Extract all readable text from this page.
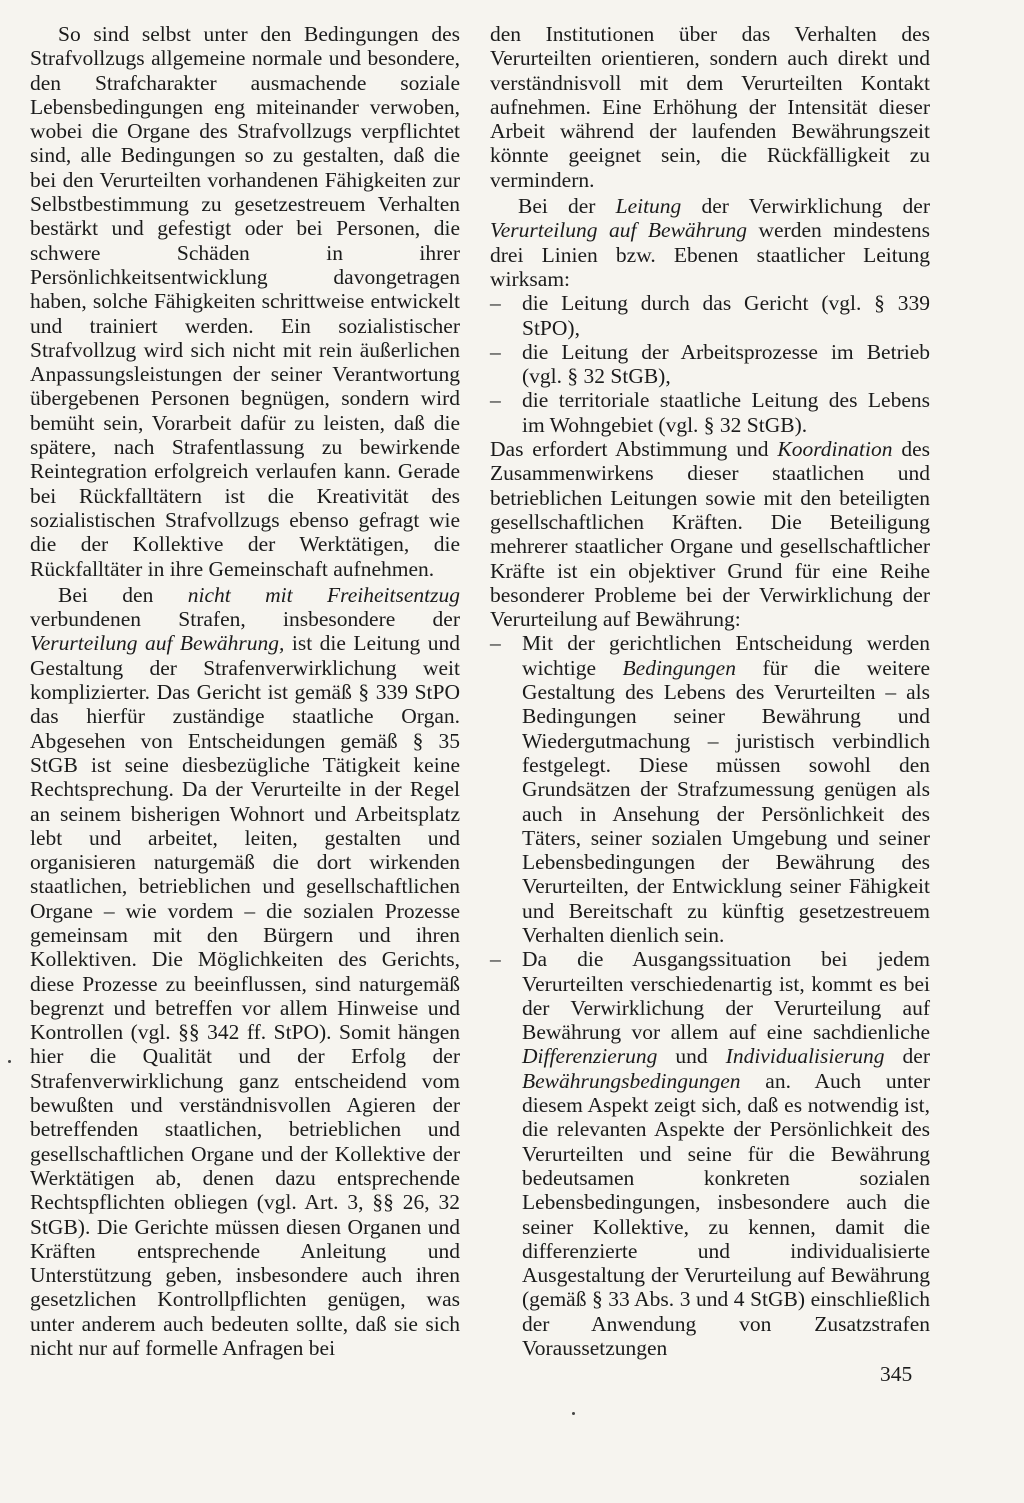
So sind selbst unter den Bedingungen des Strafvollzugs allgemeine normale und besondere, den Strafcharakter ausmachende soziale Lebensbedingungen eng miteinander verwoben, wobei die Organe des Strafvollzugs verpflichtet sind, alle Bedingungen so zu gestalten, daß die bei den Verurteilten vorhandenen Fähigkeiten zur Selbstbestimmung zu gesetzestreuem Verhalten bestärkt und gefestigt oder bei Personen, die schwere Schäden in ihrer Persönlichkeitsentwicklung davongetragen haben, solche Fähigkeiten schrittweise entwickelt und trainiert werden. Ein sozialistischer Strafvollzug wird sich nicht mit rein äußerlichen Anpassungsleistungen der seiner Verantwortung übergebenen Personen begnügen, sondern wird bemüht sein, Vorarbeit dafür zu leisten, daß die spätere, nach Strafentlassung zu bewirkende Reintegration erfolgreich verlaufen kann. Gerade bei Rückfalltätern ist die Kreativität des sozialistischen Strafvollzugs ebenso gefragt wie die der Kollektive der Werktätigen, die Rückfalltäter in ihre Gemeinschaft aufnehmen.

Bei den nicht mit Freiheitsentzug verbundenen Strafen, insbesondere der Verurteilung auf Bewährung, ist die Leitung und Gestaltung der Strafenverwirklichung weit komplizierter. Das Gericht ist gemäß § 339 StPO das hierfür zuständige staatliche Organ. Abgesehen von Entscheidungen gemäß § 35 StGB ist seine diesbezügliche Tätigkeit keine Rechtsprechung. Da der Verurteilte in der Regel an seinem bisherigen Wohnort und Arbeitsplatz lebt und arbeitet, leiten, gestalten und organisieren naturgemäß die dort wirkenden staatlichen, betrieblichen und gesellschaftlichen Organe – wie vordem – die sozialen Prozesse gemeinsam mit den Bürgern und ihren Kollektiven. Die Möglichkeiten des Gerichts, diese Prozesse zu beeinflussen, sind naturgemäß begrenzt und betreffen vor allem Hinweise und Kontrollen (vgl. §§ 342 ff. StPO). Somit hängen hier die Qualität und der Erfolg der Strafenverwirklichung ganz entscheidend vom bewußten und verständnisvollen Agieren der betreffenden staatlichen, betrieblichen und gesellschaftlichen Organe und der Kollektive der Werktätigen ab, denen dazu entsprechende Rechtspflichten obliegen (vgl. Art. 3, §§ 26, 32 StGB). Die Gerichte müssen diesen Organen und Kräften entsprechende Anleitung und Unterstützung geben, insbesondere auch ihren gesetzlichen Kontrollpflichten genügen, was unter anderem auch bedeuten sollte, daß sie sich nicht nur auf formelle Anfragen bei

den Institutionen über das Verhalten des Verurteilten orientieren, sondern auch direkt und verständnisvoll mit dem Verurteilten Kontakt aufnehmen. Eine Erhöhung der Intensität dieser Arbeit während der laufenden Bewährungszeit könnte geeignet sein, die Rückfälligkeit zu vermindern.

Bei der Leitung der Verwirklichung der Verurteilung auf Bewährung werden mindestens drei Linien bzw. Ebenen staatlicher Leitung wirksam:

– die Leitung durch das Gericht (vgl. § 339 StPO),
– die Leitung der Arbeitsprozesse im Betrieb (vgl. § 32 StGB),
– die territoriale staatliche Leitung des Lebens im Wohngebiet (vgl. § 32 StGB).

Das erfordert Abstimmung und Koordination des Zusammenwirkens dieser staatlichen und betrieblichen Leitungen sowie mit den beteiligten gesellschaftlichen Kräften. Die Beteiligung mehrerer staatlicher Organe und gesellschaftlicher Kräfte ist ein objektiver Grund für eine Reihe besonderer Probleme bei der Verwirklichung der Verurteilung auf Bewährung:

– Mit der gerichtlichen Entscheidung werden wichtige Bedingungen für die weitere Gestaltung des Lebens des Verurteilten – als Bedingungen seiner Bewährung und Wiedergutmachung – juristisch verbindlich festgelegt. Diese müssen sowohl den Grundsätzen der Strafzumessung genügen als auch in Ansehung der Persönlichkeit des Täters, seiner sozialen Umgebung und seiner Lebensbedingungen der Bewährung des Verurteilten, der Entwicklung seiner Fähigkeit und Bereitschaft zu künftig gesetzestreuem Verhalten dienlich sein.
– Da die Ausgangssituation bei jedem Verurteilten verschiedenartig ist, kommt es bei der Verwirklichung der Verurteilung auf Bewährung vor allem auf eine sachdienliche Differenzierung und Individualisierung der Bewährungsbedingungen an. Auch unter diesem Aspekt zeigt sich, daß es notwendig ist, die relevanten Aspekte der Persönlichkeit des Verurteilten und seine für die Bewährung bedeutsamen konkreten sozialen Lebensbedingungen, insbesondere auch die seiner Kollektive, zu kennen, damit die differenzierte und individualisierte Ausgestaltung der Verurteilung auf Bewährung (gemäß § 33 Abs. 3 und 4 StGB) einschließlich der Anwendung von Zusatzstrafen Voraussetzungen
345
